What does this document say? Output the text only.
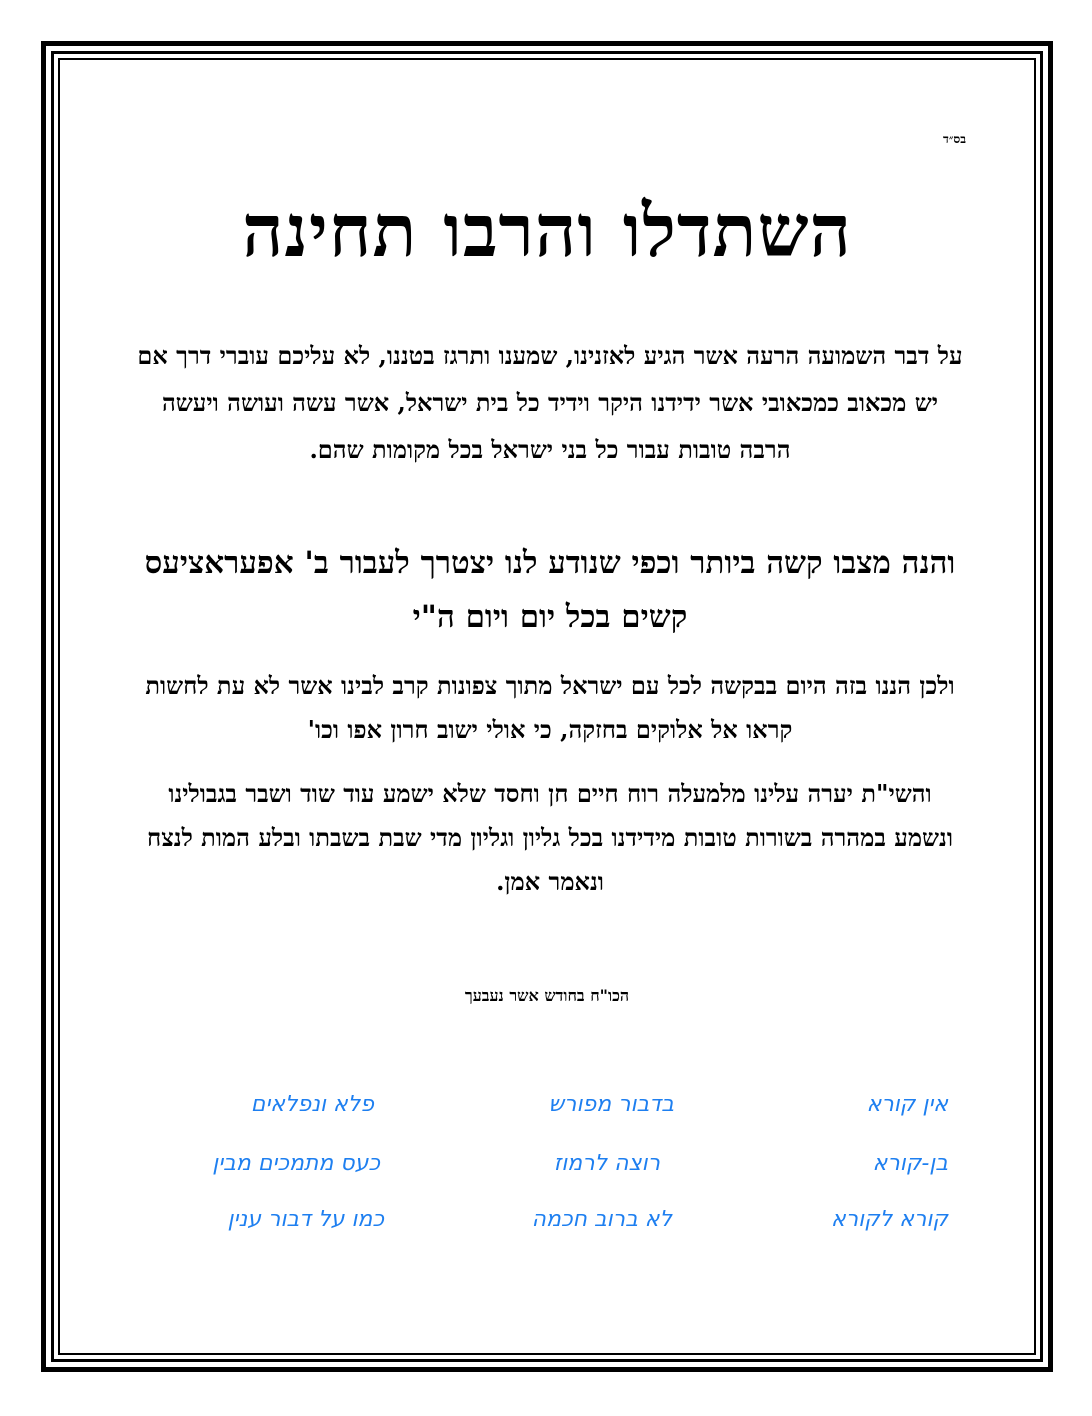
בס״ד
השתדלו והרבו תחינה
על דבר השמועה הרעה אשר הגיע לאזנינו, שמענו ותרגז בטננו, לא עליכם עוברי דרך אם יש מכאוב כמכאובי אשר ידידנו היקר וידיד כל בית ישראל, אשר עשה ועושה ויעשה הרבה טובות עבור כל בני ישראל בכל מקומות שהם.
והנה מצבו קשה ביותר וכפי שנודע לנו יצטרך לעבור ב' אפעראציעס קשים בכל יום ויום ה"י
ולכן הננו בזה היום בבקשה לכל עם ישראל מתוך צפונות קרב לבינו אשר לא עת לחשות קראו אל אלוקים בחזקה, כי אולי ישוב חרון אפו וכו'
והשי"ת יערה עלינו מלמעלה רוח חיים חן וחסד שלא ישמע עוד שוד ושבר בגבולינו ונשמע במהרה בשורות טובות מידידנו בכל גליון וגליון מדי שבת בשבתו ובלע המות לנצח ונאמר אמן.
הכו"ח בחודש אשר נעבעך
אין קורא
בן-קורא
קורא לקורא
בדבור מפורש
רוצה לרמוז
לא ברוב חכמה
פלא ונפלאים
כעס מתמכים מבין
כמו על דבור ענין
